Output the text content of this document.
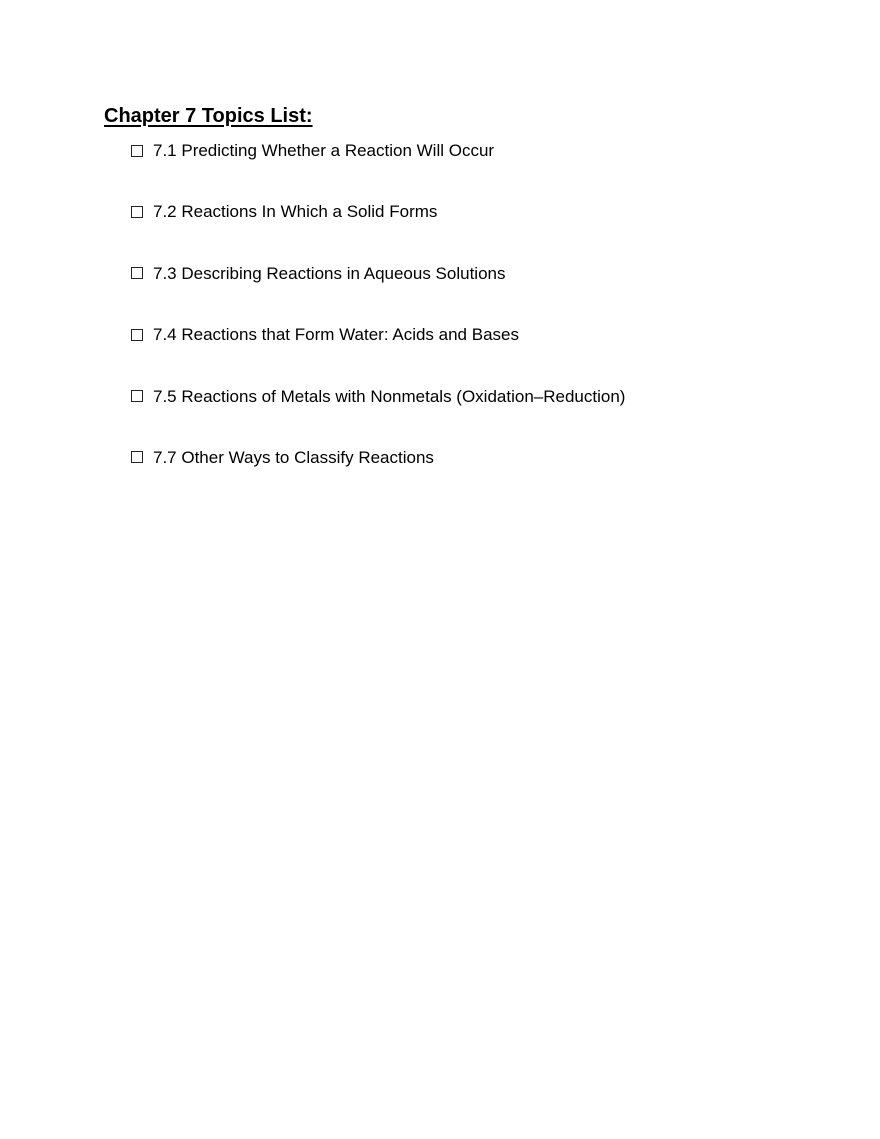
Chapter 7 Topics List:
7.1 Predicting Whether a Reaction Will Occur
7.2 Reactions In Which a Solid Forms
7.3 Describing Reactions in Aqueous Solutions
7.4 Reactions that Form Water: Acids and Bases
7.5 Reactions of Metals with Nonmetals (Oxidation–Reduction)
7.7 Other Ways to Classify Reactions
